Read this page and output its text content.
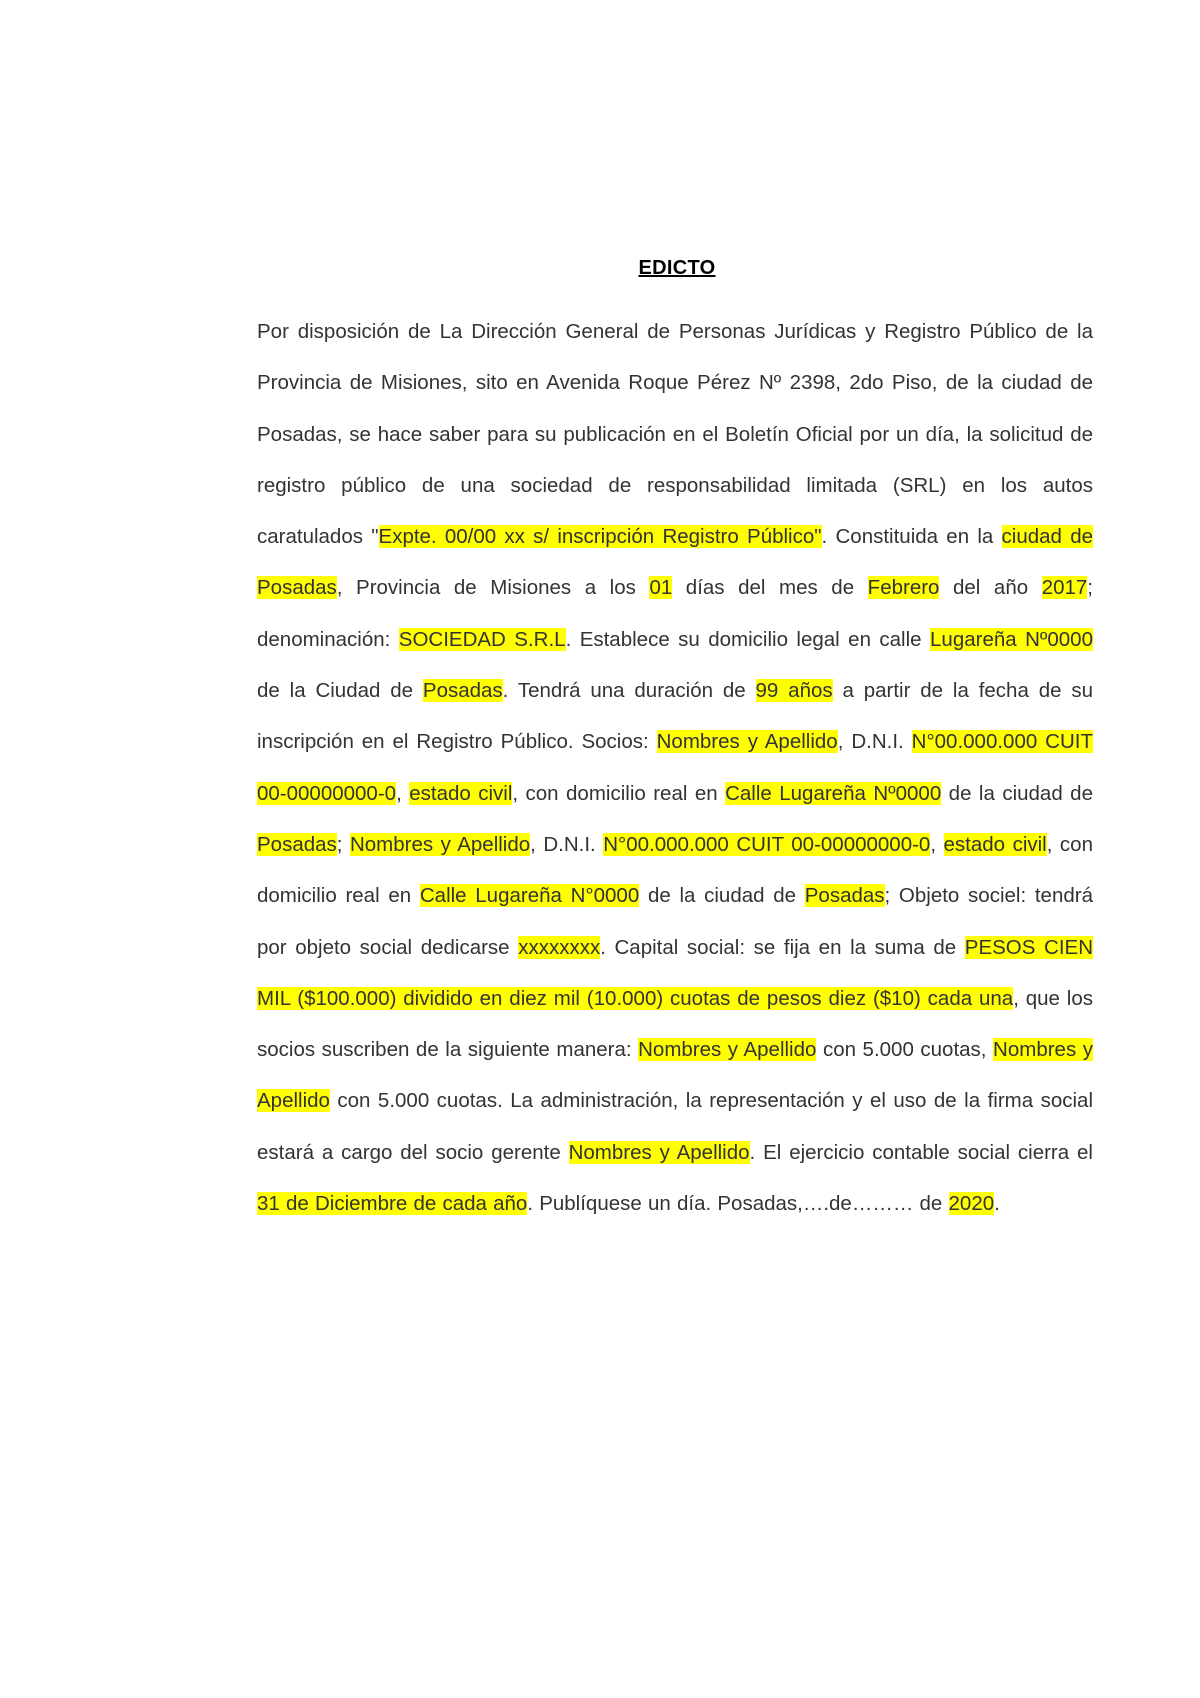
EDICTO
Por disposición de La Dirección General de Personas Jurídicas y Registro Público de la Provincia de Misiones, sito en Avenida Roque Pérez Nº 2398, 2do Piso, de la ciudad de Posadas, se hace saber para su publicación en el Boletín Oficial por un día, la solicitud de registro público de una sociedad de responsabilidad limitada (SRL) en los autos caratulados "Expte. 00/00 xx s/ inscripción Registro Público". Constituida en la ciudad de Posadas, Provincia de Misiones a los 01 días del mes de Febrero del año 2017; denominación: SOCIEDAD S.R.L. Establece su domicilio legal en calle Lugareña Nº0000 de la Ciudad de Posadas. Tendrá una duración de 99 años a partir de la fecha de su inscripción en el Registro Público. Socios: Nombres y Apellido, D.N.I. N°00.000.000 CUIT 00-00000000-0, estado civil, con domicilio real en Calle Lugareña Nº0000 de la ciudad de Posadas; Nombres y Apellido, D.N.I. N°00.000.000 CUIT 00-00000000-0, estado civil, con domicilio real en Calle Lugareña N°0000 de la ciudad de Posadas; Objeto sociel: tendrá por objeto social dedicarse xxxxxxxx. Capital social: se fija en la suma de PESOS CIEN MIL ($100.000) dividido en diez mil (10.000) cuotas de pesos diez ($10) cada una, que los socios suscriben de la siguiente manera: Nombres y Apellido con 5.000 cuotas, Nombres y Apellido con 5.000 cuotas. La administración, la representación y el uso de la firma social estará a cargo del socio gerente Nombres y Apellido. El ejercicio contable social cierra el 31 de Diciembre de cada año. Publíquese un día. Posadas,….de……… de 2020.
